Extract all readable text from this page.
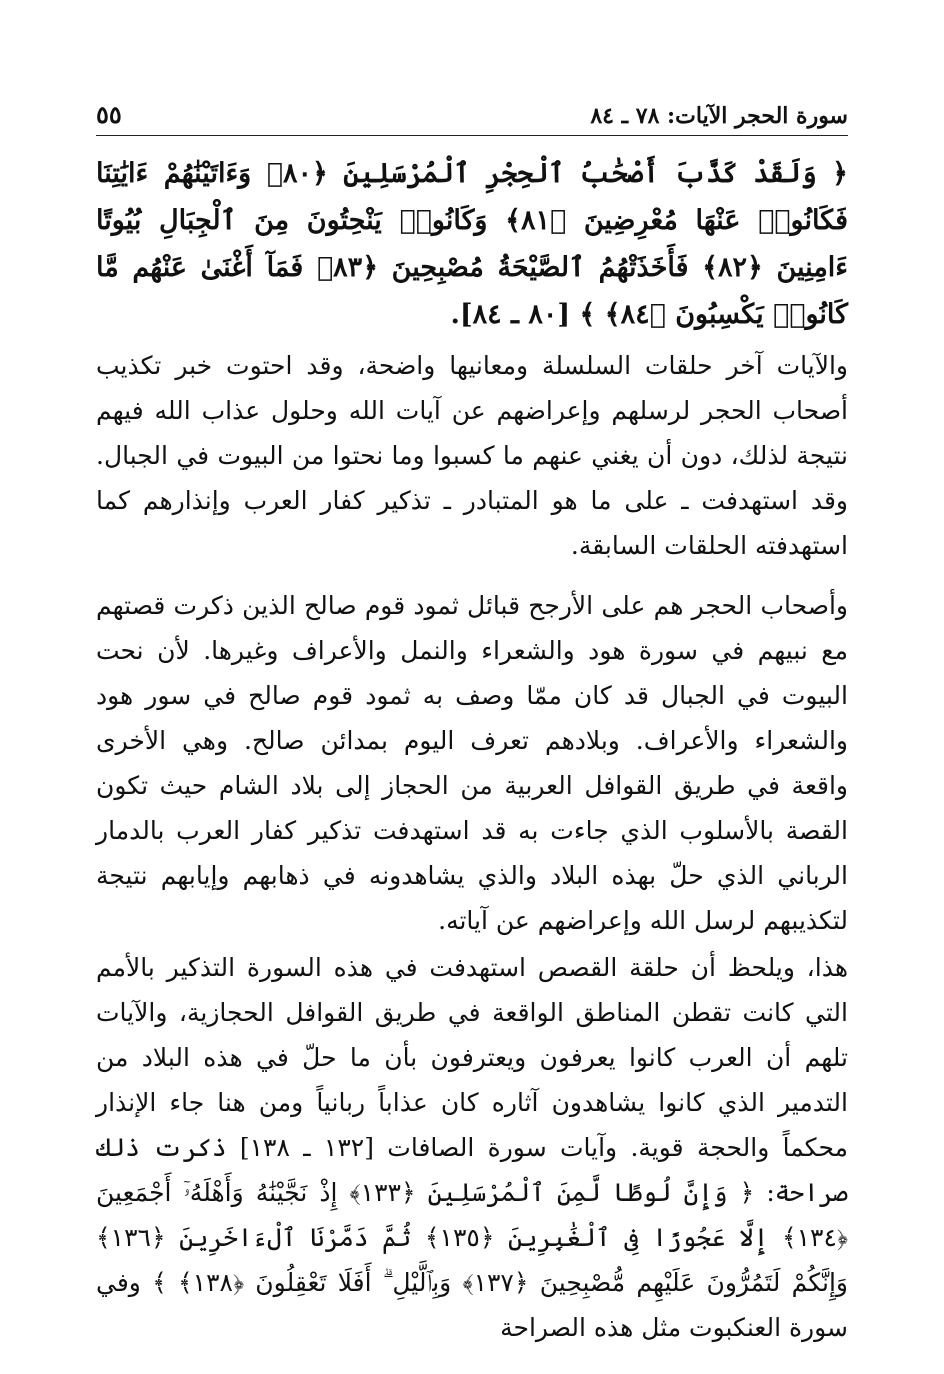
سورة الحجر الآيات: ٧٨ ـ ٨٤
٥٥
﴿ وَلَقَدْ كَذَّبَ أَصْحَٰبُ ٱلْحِجْرِ ٱلْمُرْسَلِينَ ﴿٨٠﴾ وَءَاتَيْنَٰهُمْ ءَايَٰتِنَا فَكَانُوا۟ عَنْهَا مُعْرِضِينَ ﴿٨١﴾ وَكَانُوا۟ يَنْحِتُونَ مِنَ ٱلْجِبَالِ بُيُوتًا ءَامِنِينَ ﴿٨٢﴾ فَأَخَذَتْهُمُ ٱلصَّيْحَةُ مُصْبِحِينَ ﴿٨٣﴾ فَمَآ أَغْنَىٰ عَنْهُم مَّا كَانُوا۟ يَكْسِبُونَ ﴿٨٤﴾ ﴾ [٨٠ ـ ٨٤].

والآيات آخر حلقات السلسلة ومعانيها واضحة، وقد احتوت خبر تكذيب أصحاب الحجر لرسلهم وإعراضهم عن آيات الله وحلول عذاب الله فيهم نتيجة لذلك، دون أن يغني عنهم ما كسبوا وما نحتوا من البيوت في الجبال. وقد استهدفت ـ على ما هو المتبادر ـ تذكير كفار العرب وإنذارهم كما استهدفته الحلقات السابقة.

وأصحاب الحجر هم على الأرجح قبائل ثمود قوم صالح الذين ذكرت قصتهم مع نبيهم في سورة هود والشعراء والنمل والأعراف وغيرها. لأن نحت البيوت في الجبال قد كان ممّا وصف به ثمود قوم صالح في سور هود والشعراء والأعراف. وبلادهم تعرف اليوم بمدائن صالح. وهي الأخرى واقعة في طريق القوافل العربية من الحجاز إلى بلاد الشام حيث تكون القصة بالأسلوب الذي جاءت به قد استهدفت تذكير كفار العرب بالدمار الرباني الذي حلّ بهذه البلاد والذي يشاهدونه في ذهابهم وإيابهم نتيجة لتكذيبهم لرسل الله وإعراضهم عن آياته.

هذا، ويلحظ أن حلقة القصص استهدفت في هذه السورة التذكير بالأمم التي كانت تقطن المناطق الواقعة في طريق القوافل الحجازية، والآيات تلهم أن العرب كانوا يعرفون ويعترفون بأن ما حلّ في هذه البلاد من التدمير الذي كانوا يشاهدون آثاره كان عذاباً ربانياً ومن هنا جاء الإنذار محكماً والحجة قوية. وآيات سورة الصافات [١٣٢ ـ ١٣٨] ذكرت ذلك صراحة: ﴿ وَإِنَّ لُوطًا لَّمِنَ ٱلْمُرْسَلِينَ ﴿١٣٣﴾ إِذْ نَجَّيْنَٰهُ وَأَهْلَهُۥٓ أَجْمَعِينَ ﴿١٣٤﴾ إِلَّا عَجُوزًا فِى ٱلْغَٰبِرِينَ ﴿١٣٥﴾ ثُمَّ دَمَّرْنَا ٱلْءَاخَرِينَ ﴿١٣٦﴾ وَإِنَّكُمْ لَتَمُرُّونَ عَلَيْهِم مُّصْبِحِينَ ﴿١٣٧﴾ وَبِٱلَّيْلِ ۗ أَفَلَا تَعْقِلُونَ ﴿١٣٨﴾ ﴾ وفي سورة العنكبوت مثل هذه الصراحة
